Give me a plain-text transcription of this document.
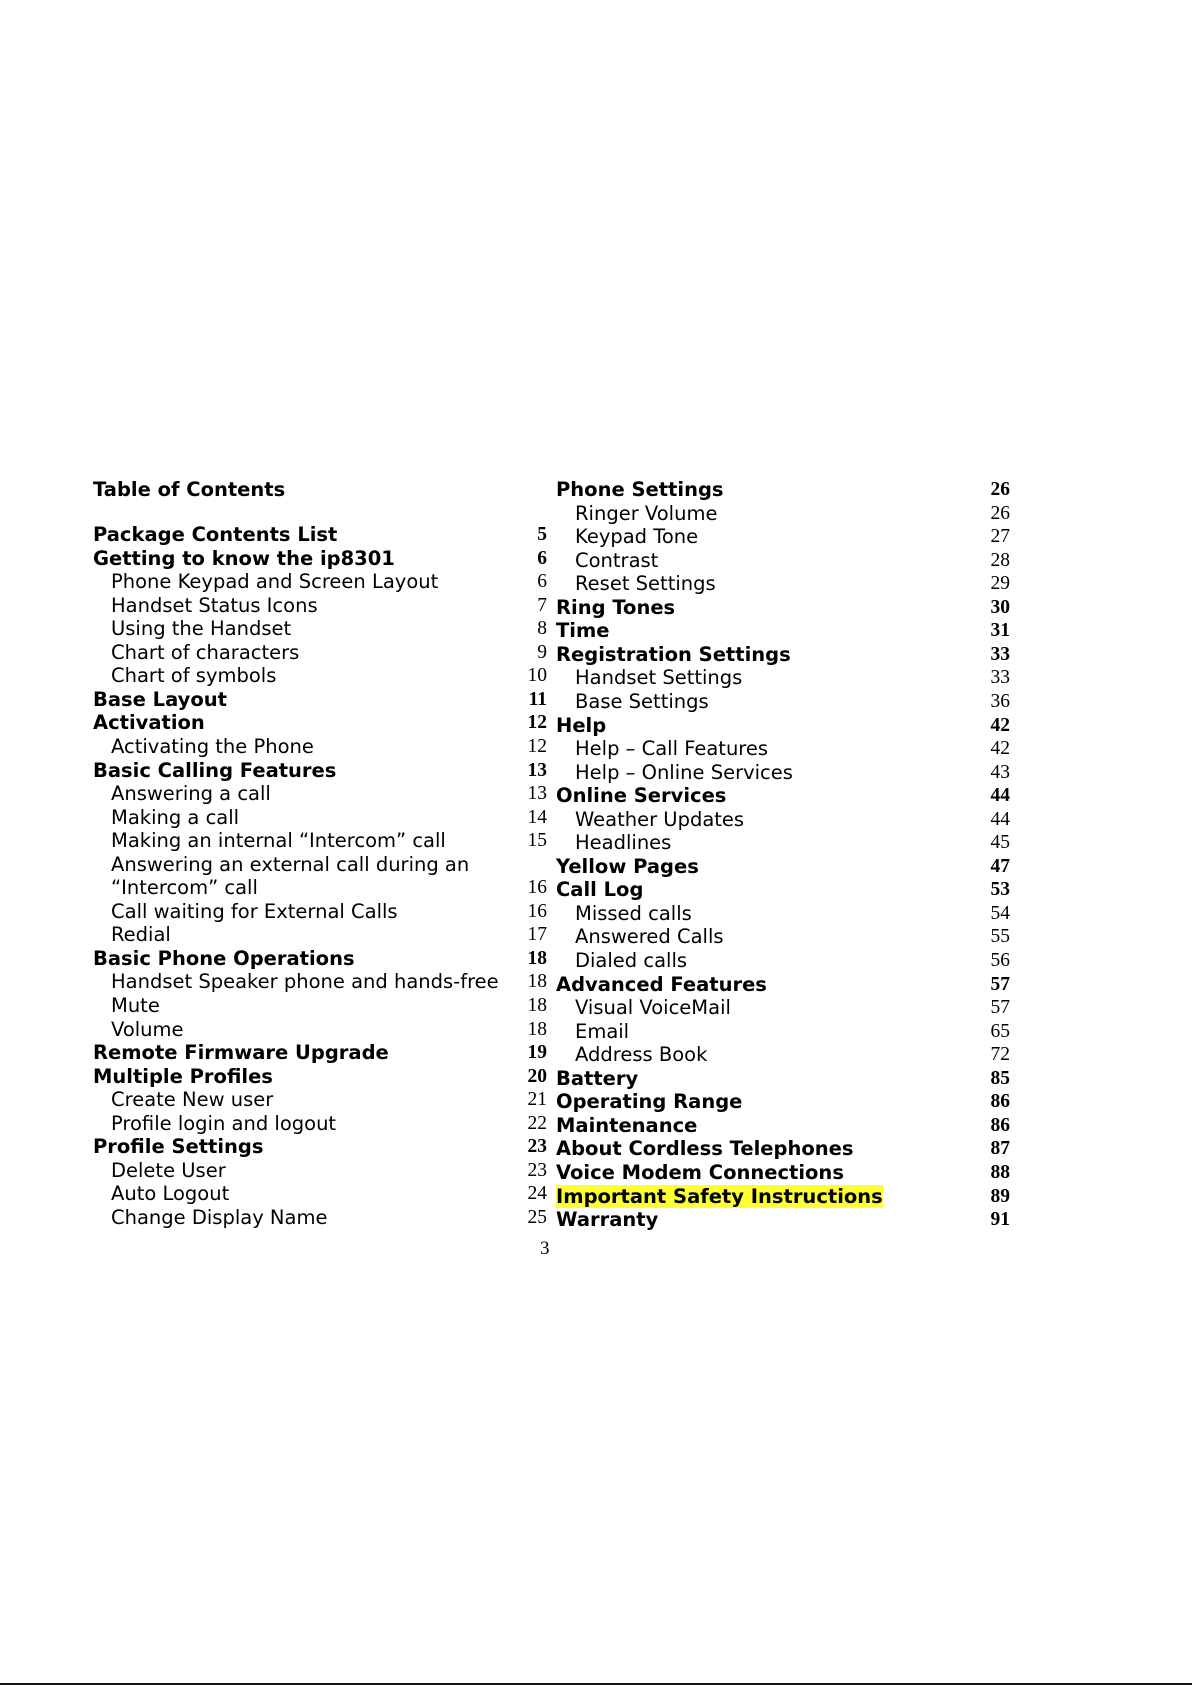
Table of Contents
Package Contents List	5
Getting to know the ip8301	6
Phone Keypad and Screen Layout	6
Handset Status Icons	7
Using the Handset	8
Chart of characters	9
Chart of symbols	10
Base Layout	11
Activation	12
Activating the Phone	12
Basic Calling Features	13
Answering a call	13
Making a call	14
Making an internal “Intercom” call	15
Answering an external call during an
“Intercom” call	16
Call waiting for External Calls	16
Redial	17
Basic Phone Operations	18
Handset Speaker phone and hands-free 18
Mute	18
Volume	18
Remote Firmware Upgrade	19
Multiple Profiles	20
Create New user	21
Profile login and logout	22
Profile Settings	23
Delete User	23
Auto Logout	24
Change Display Name	25
Phone Settings	26
Ringer Volume	26
Keypad Tone	27
Contrast	28
Reset Settings	29
Ring Tones	30
Time	31
Registration Settings	33
Handset Settings	33
Base Settings	36
Help	42
Help – Call Features	42
Help – Online Services	43
Online Services	44
Weather Updates	44
Headlines	45
Yellow Pages	47
Call Log	53
Missed calls	54
Answered Calls	55
Dialed calls	56
Advanced Features	57
Visual VoiceMail	57
Email	65
Address Book	72
Battery	85
Operating Range	86
Maintenance	86
About Cordless Telephones	87
Voice Modem Connections	88
Important Safety Instructions	89
Warranty	91
3
